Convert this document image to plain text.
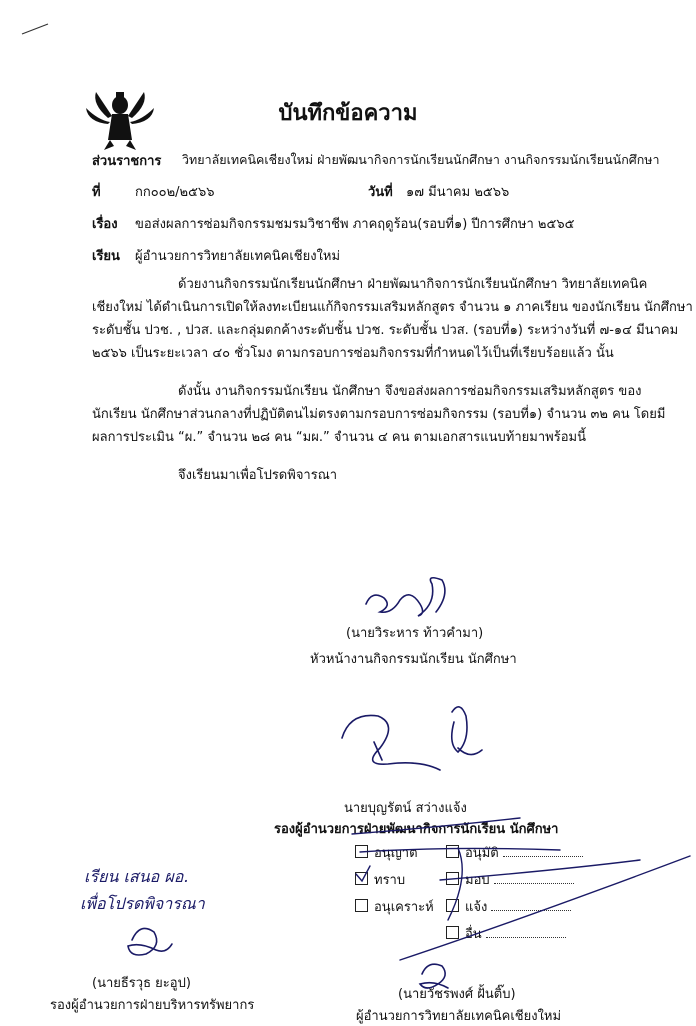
บันทึกข้อความ
ส่วนราชการ วิทยาลัยเทคนิคเชียงใหม่ ฝ่ายพัฒนากิจการนักเรียนนักศึกษา งานกิจกรรมนักเรียนนักศึกษา
ที่	กก๐๐๒/๒๕๖๖	วันที่ ๑๗ มีนาคม ๒๕๖๖
เรื่อง ขอส่งผลการซ่อมกิจกรรมชมรมวิชาชีพ ภาคฤดูร้อน(รอบที่๑) ปีการศึกษา ๒๕๖๕
เรียน ผู้อำนวยการวิทยาลัยเทคนิคเชียงใหม่
ด้วยงานกิจกรรมนักเรียนนักศึกษา ฝ่ายพัฒนากิจการนักเรียนนักศึกษา วิทยาลัยเทคนิค
เชียงใหม่ ได้ดำเนินการเปิดให้ลงทะเบียนแก้กิจกรรมเสริมหลักสูตร จำนวน ๑ ภาคเรียน ของนักเรียน นักศึกษา
ระดับชั้น ปวช. , ปวส. และกลุ่มตกค้างระดับชั้น ปวช. ระดับชั้น ปวส. (รอบที่๑) ระหว่างวันที่ ๗-๑๔ มีนาคม
๒๕๖๖ เป็นระยะเวลา ๔๐ ชั่วโมง ตามกรอบการซ่อมกิจกรรมที่กำหนดไว้เป็นที่เรียบร้อยแล้ว นั้น
ดังนั้น งานกิจกรรมนักเรียน นักศึกษา จึงขอส่งผลการซ่อมกิจกรรมเสริมหลักสูตร ของ
นักเรียน นักศึกษาส่วนกลางที่ปฏิบัติตนไม่ตรงตามกรอบการซ่อมกิจกรรม (รอบที่๑) จำนวน ๓๒ คน โดยมี
ผลการประเมิน “ผ.” จำนวน ๒๘ คน “มผ.” จำนวน ๔ คน ตามเอกสารแนบท้ายมาพร้อมนี้
จึงเรียนมาเพื่อโปรดพิจารณา
(นายวิระหาร ท้าวคำมา)
หัวหน้างานกิจกรรมนักเรียน นักศึกษา
นายบุญรัตน์ สว่างแจ้ง
รองผู้อำนวยการฝ่ายพัฒนากิจการนักเรียน นักศึกษา
อนุญาต
ทราบ
อนุเคราะห์
อนุมัติ
มอบ
แจ้ง
อื่น
เรียน เสนอ ผอ.
เพื่อโปรดพิจารณา
(นายธีรวุธ ยะอูป)
รองผู้อำนวยการฝ่ายบริหารทรัพยากร
(นายวัชรพงศ์ ฝั้นติ๊บ)
ผู้อำนวยการวิทยาลัยเทคนิคเชียงใหม่
